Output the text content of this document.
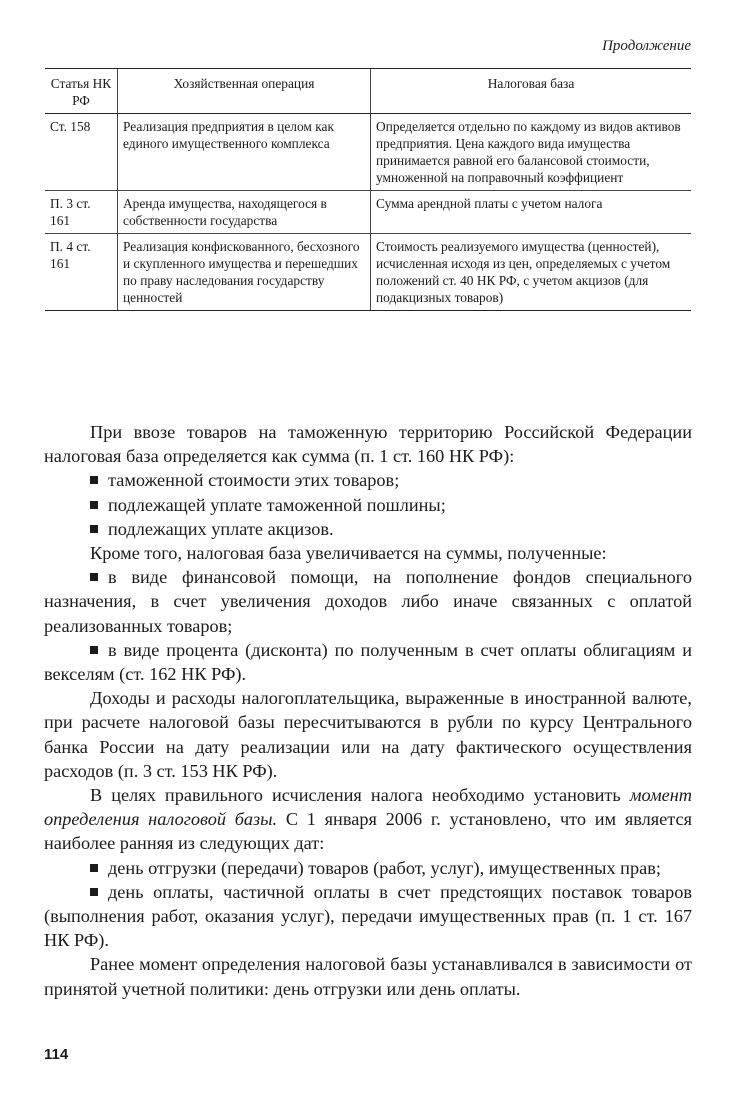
Продолжение
Статья НК РФ	Хозяйственная операция	Налоговая база
Ст. 158	Реализация предприятия в целом как единого имущественного комплекса	Определяется отдельно по каждому из видов активов предприятия. Цена каждого вида имущества принимается равной его балансовой стоимости, умноженной на поправочный коэффициент
П. 3 ст. 161	Аренда имущества, находящегося в собственности государства	Сумма арендной платы с учетом налога
П. 4 ст. 161	Реализация конфискованного, бесхозного и скупленного имущества и перешедших по праву наследования государству ценностей	Стоимость реализуемого имущества (ценностей), исчисленная исходя из цен, определяемых с учетом положений ст. 40 НК РФ, с учетом акцизов (для подакцизных товаров)

При ввозе товаров на таможенную территорию Российской Федерации налоговая база определяется как сумма (п. 1 ст. 160 НК РФ):

таможенной стоимости этих товаров;

подлежащей уплате таможенной пошлины;

подлежащих уплате акцизов.

Кроме того, налоговая база увеличивается на суммы, полученные:

в виде финансовой помощи, на пополнение фондов специального назначения, в счет увеличения доходов либо иначе связанных с оплатой реализованных товаров;

в виде процента (дисконта) по полученным в счет оплаты облигациям и векселям (ст. 162 НК РФ).

Доходы и расходы налогоплательщика, выраженные в иностранной валюте, при расчете налоговой базы пересчитываются в рубли по курсу Центрального банка России на дату реализации или на дату фактического осуществления расходов (п. 3 ст. 153 НК РФ).

В целях правильного исчисления налога необходимо установить момент определения налоговой базы. С 1 января 2006 г. установлено, что им является наиболее ранняя из следующих дат:

день отгрузки (передачи) товаров (работ, услуг), имущественных прав;

день оплаты, частичной оплаты в счет предстоящих поставок товаров (выполнения работ, оказания услуг), передачи имущественных прав (п. 1 ст. 167 НК РФ).

Ранее момент определения налоговой базы устанавливался в зависимости от принятой учетной политики: день отгрузки или день оплаты.

114
